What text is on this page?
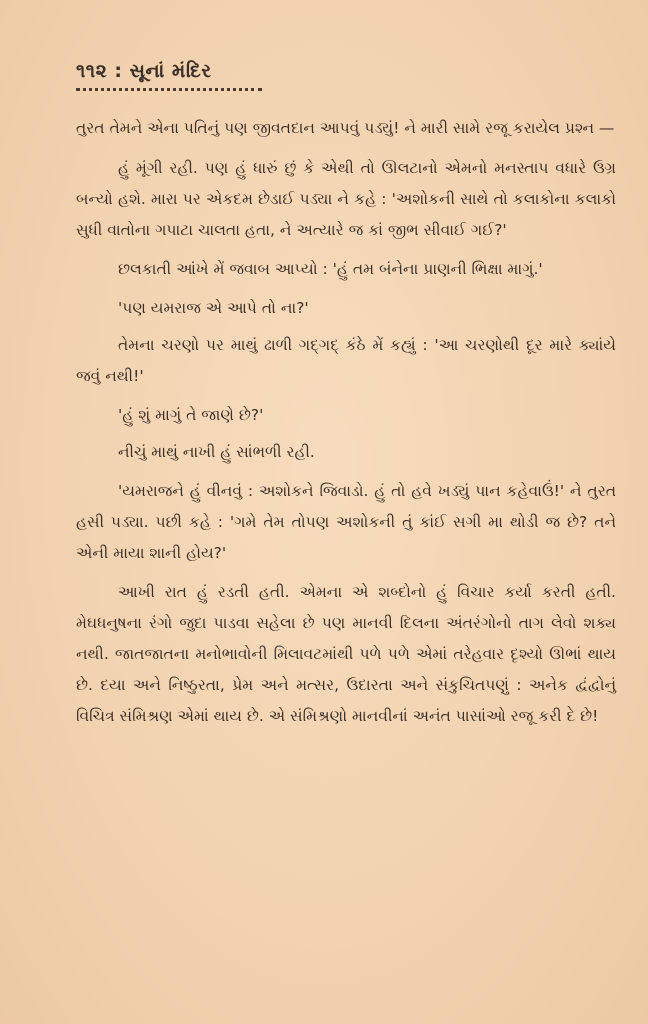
૧૧૨ : સૂનાં મંદિર

તુરત તેમને એના પતિનું પણ જીવતદાન આપવું પડ્યું! ને મારી સામે રજૂ કરાયેલ પ્રશ્ન —

હું મૂંગી રહી. પણ હું ધારું છું કે એથી તો ઊલટાનો એમનો મનસ્તાપ વધારે ઉગ્ર બન્યો હશે. મારા પર એકદમ છેડાઈ પડ્યા ને કહે : 'અશોકની સાથે તો કલાકોના કલાકો સુધી વાતોના ગપાટા ચાલતા હતા, ને અત્યારે જ કાં જીભ સીવાઈ ગઈ?'

છલકાતી આંખે મેં જવાબ આપ્યો : 'હું તમ બંનેના પ્રાણની ભિક્ષા માગું.'

'પણ યમરાજ એ આપે તો ના?'

તેમના ચરણો પર માથું ઢાળી ગદ્ગદ્ કંઠે મેં કહ્યું : 'આ ચરણોથી દૂર મારે ક્યાંયે જવું નથી!'

'હું શું માગું તે જાણે છે?'

નીચું માથું નાખી હું સાંભળી રહી.

'યમરાજને હું વીનવું : અશોકને જિવાડો. હું તો હવે ખડ્યું પાન કહેવાઉં!' ને તુરત હસી પડ્યા. પછી કહે : 'ગમે તેમ તોપણ અશોકની તું કાંઈ સગી મા થોડી જ છે? તને એની માયા શાની હોય?'

આખી રાત હું રડતી હતી. એમના એ શબ્દોનો હું વિચાર કર્યા કરતી હતી. મેઘધનુષના રંગો જુદા પાડવા સહેલા છે પણ માનવી દિલના અંતરંગોનો તાગ લેવો શક્ય નથી. જાતજાતના મનોભાવોની મિલાવટમાંથી પળે પળે એમાં તરેહવાર દૃશ્યો ઊભાં થાય છે. દયા અને નિષ્ઠુરતા, પ્રેમ અને મત્સર, ઉદારતા અને સંકુચિતપણું : અનેક દ્વંદ્વોનું વિચિત્ર સંમિશ્રણ એમાં થાય છે. એ સંમિશ્રણો માનવીનાં અનંત પાસાંઓ રજૂ કરી દે છે!
